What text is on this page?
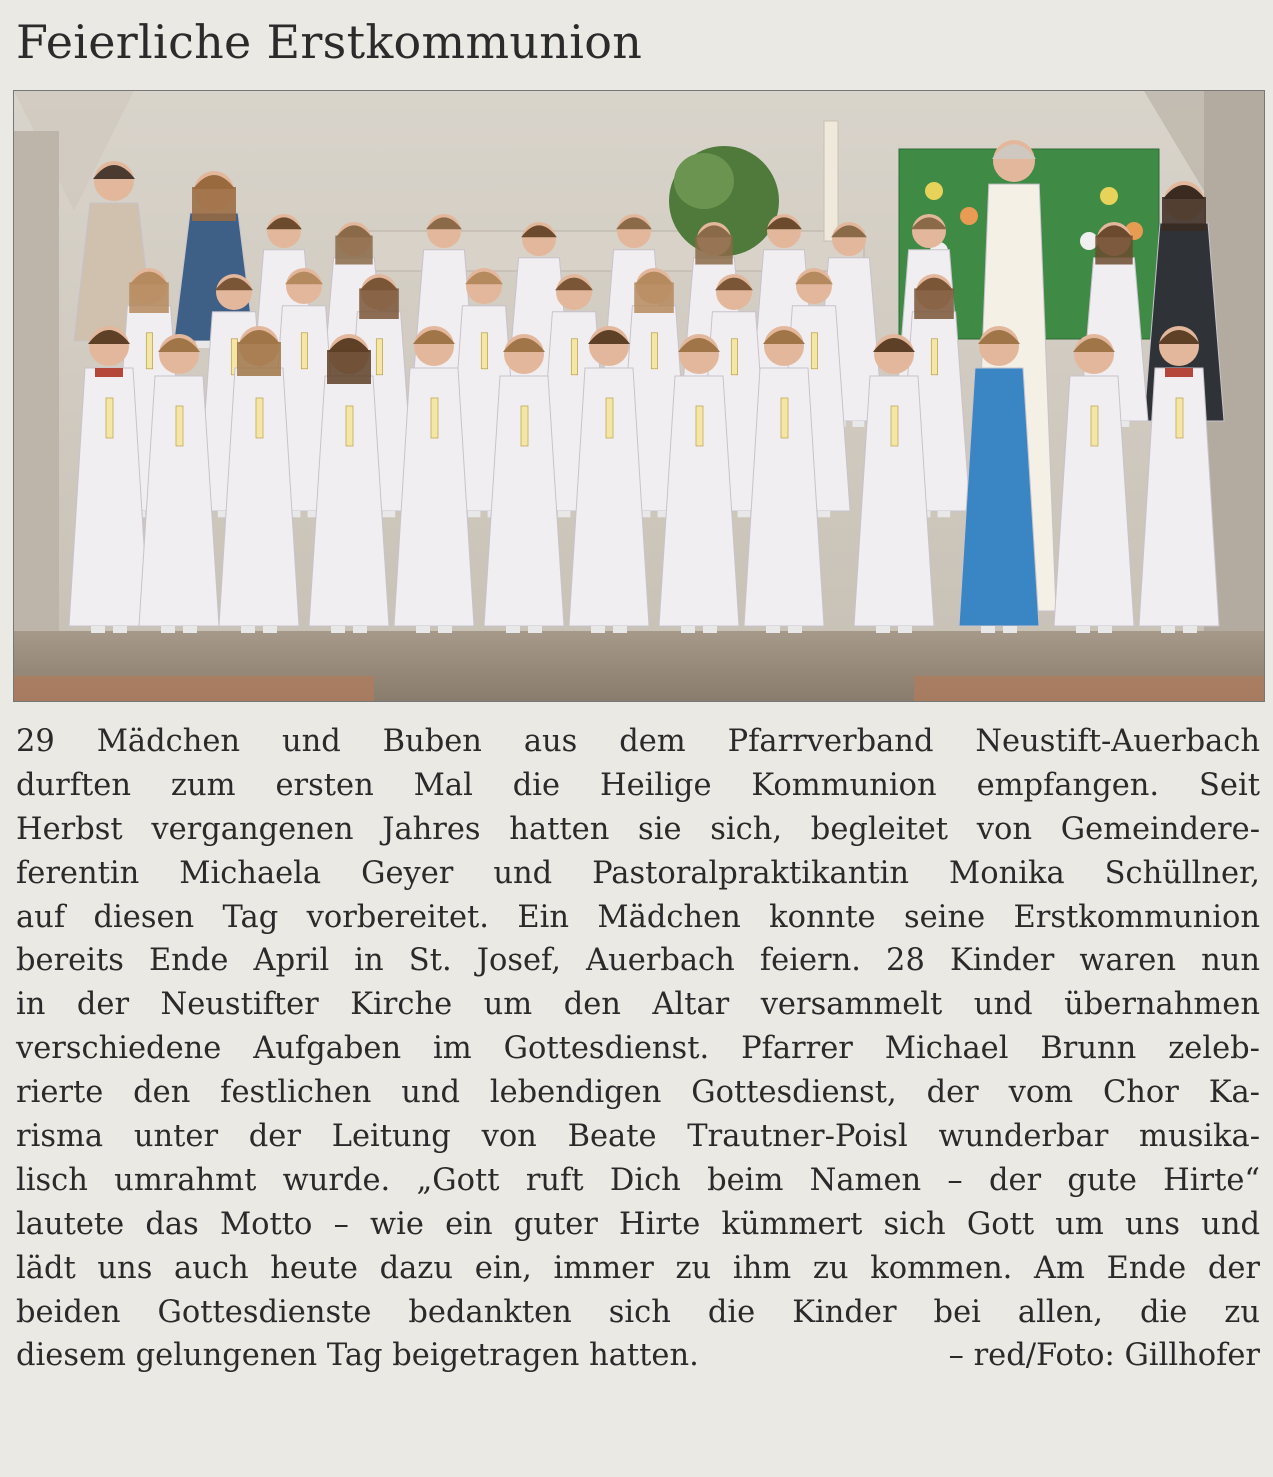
Feierliche Erstkommunion
29 Mädchen und Buben aus dem Pfarrverband Neustift-Auerbach
durften zum ersten Mal die Heilige Kommunion empfangen. Seit
Herbst vergangenen Jahres hatten sie sich, begleitet von Gemeindere-
ferentin Michaela Geyer und Pastoralpraktikantin Monika Schüllner,
auf diesen Tag vorbereitet. Ein Mädchen konnte seine Erstkommunion
bereits Ende April in St. Josef, Auerbach feiern. 28 Kinder waren nun
in der Neustifter Kirche um den Altar versammelt und übernahmen
verschiedene Aufgaben im Gottesdienst. Pfarrer Michael Brunn zeleb-
rierte den festlichen und lebendigen Gottesdienst, der vom Chor Ka-
risma unter der Leitung von Beate Trautner-Poisl wunderbar musika-
lisch umrahmt wurde. „Gott ruft Dich beim Namen – der gute Hirte“
lautete das Motto – wie ein guter Hirte kümmert sich Gott um uns und
lädt uns auch heute dazu ein, immer zu ihm zu kommen. Am Ende der
beiden Gottesdienste bedankten sich die Kinder bei allen, die zu
diesem gelungenen Tag beigetragen hatten.	– red/Foto: Gillhofer
